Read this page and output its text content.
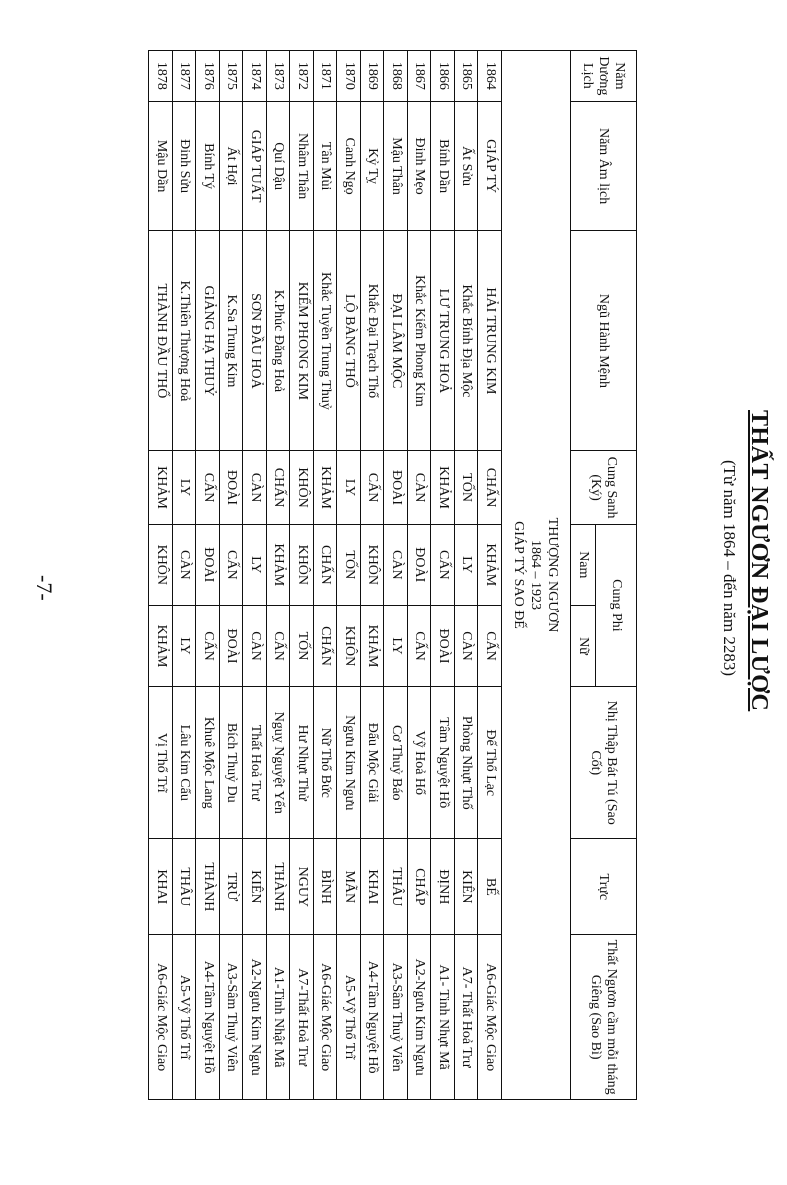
THẤT NGƯƠN ĐẠI LƯỢC
(Từ năm 1864 – đến năm 2283)
Năm Dương Lịch	Năm Âm lịch	Ngũ Hành Mệnh	Cung Sanh (Ký)	Cung Phi		Nhị Thập Bát Tú (Sao Cốt)	Trực	Thất Ngươn cầm mỗi tháng Giêng (Sao Bì)
				Nam	Nữ			

THƯỢNG NGƯƠN
1864 – 1923
GIÁP TÝ SAO ĐẾ								

1864	GIÁP TÝ	HẢI TRUNG KIM	CHẤN	KHẢM	CẤN	Đế Thổ Lạc	BẾ	A6-Giác Mộc Giao
1865	Ất Sửu	Khắc Bính Địa Mộc	TỐN	LY	CÀN	Phòng Nhựt Thố	KIÊN	A7- Thất Hoả Trư
1866	Bính Dần	LƯ TRUNG HOẢ	KHẢM	CẤN	ĐOÀI	Tâm Nguyệt Hồ	ĐỊNH	A1- Tinh Nhựt Mã
1867	Đinh Mẹo	Khắc Kiếm Phong Kim	CÀN	ĐOÀI	CẤN	Vỹ Hoả Hổ	CHẤP	A2-Ngưu Kim Ngưu
1868	Mậu Thân	ĐẠI LÂM MỘC	ĐOÀI	CÀN	LY	Cơ Thuỷ Báo	THÂU	A3-Sâm Thuỷ Viên
1869	Kỷ Tỵ	Khắc Đại Trạch Thổ	CẤN	KHÔN	KHẢM	Đẩu Mộc Giải	KHAI	A4-Tâm Nguyệt Hồ
1870	Canh Ngọ	LỘ BÀNG THỔ	LY	TỐN	KHÔN	Ngưu Kim Ngưu	MÃN	A5-Vỹ Thổ Trĩ
1871	Tân Mùi	Khắc Tuyền Trung Thuỷ	KHẢM	CHẤN	CHẤN	Nữ Thổ Bức	BÌNH	A6-Giác Mộc Giao
1872	Nhâm Thân	KIẾM PHONG KIM	KHÔN	KHÔN	TỐN	Hư Nhựt Thử	NGUY	A7-Thất Hoả Trư
1873	Quí Dậu	K.Phúc Đăng Hoả	CHẤN	KHẢM	CẤN	Nguỵ Nguyệt Yến	THÀNH	A1-Tinh Nhật Mã
1874	GIÁP TUẤT	SƠN ĐẦU HOẢ	CÀN	LY	CÀN	Thất Hoả Trư	KIÊN	A2-Ngưu Kim Ngưu
1875	Ất Hợi	K.Sa Trung Kim	ĐOÀI	CẤN	ĐOÀI	Bích Thuỷ Du	TRỪ	A3-Sâm Thuỷ Viên
1876	Bính Tý	GIẢNG HẠ THUỶ	CẤN	ĐOÀI	CẤN	Khuê Mộc Lang	THÀNH	A4-Tâm Nguyệt Hồ
1877	Đinh Sửu	K.Thiên Thượng Hoả	LY	CÀN	LY	Lâu Kim Cẩu	THÂU	A5-Vỹ Thổ Trĩ
1878	Mậu Dần	THÀNH ĐẦU THỔ	KHẢM	KHÔN	KHẢM	Vị Thổ Trĩ	KHAI	A6-Giác Mộc Giao
-7-
